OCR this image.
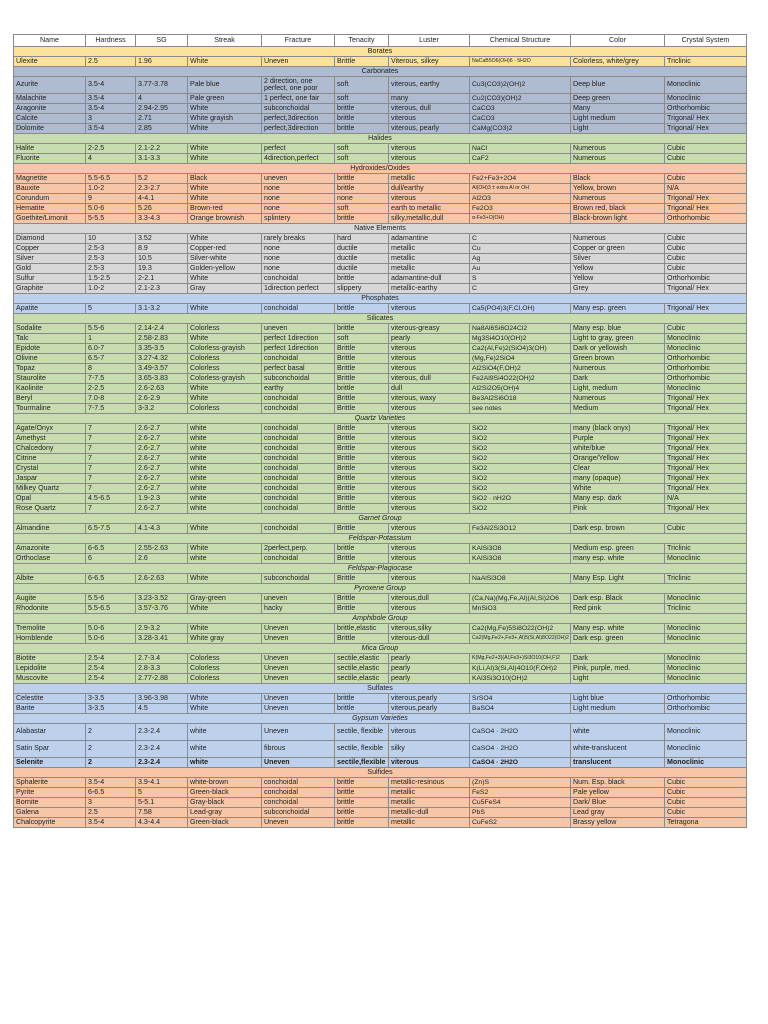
Name	Hardness	SG	Streak	Fracture	Tenacity	Luster	Chemical Structure	Color	Crystal System
Borates									
Ulexite	2.5	1.96	White	Uneven	Brittle	Viterous, silkey	NaCaB5O6(OH)6 · 5H2O	Colorless, white/grey	Triclinic
Carbonates									
Azurite	3.5-4	3.77-3.78	Pale blue	2 direction, one perfect, one poor	soft	viterous, earthy	Cu3(CO3)2(OH)2	Deep blue	Monoclinic
Malachite	3.5-4	4	Pale green	1 perfect, one fair	soft	many	Cu2(CO3)(OH)2	Deep green	Monoclinic
Aragonite	3.5-4	2.94-2.95	White	subconchoidal	brittle	viterous, dull	CaCO3	Many	Orthorhombic
Calcite	3	2.71	White grayish	perfect,3direction	brittle	viterous	CaCO3	Light medium	Trigonal/ Hex
Dolomite	3.5-4	2.85	White	perfect,3direction	brittle	viterous, pearly	CaMg(CO3)2	Light	Trigonal/ Hex
Halides									
Halite	2-2.5	2.1-2.2	White	perfect	soft	viterous	NaCl	Numerous	Cubic
Fluorite	4	3.1-3.3	White	4direction,perfect	soft	viterous	CaF2	Numerous	Cubic
Hydroxides/Oxides									
Magnetite	5.5-6.5	5.2	Black	uneven	brittle	metallic	Fe2+Fe3+2O4	Black	Cubic
Bauxite	1.0-2	2.3-2.7	White	none	brittle	dull/earthy	Al(OH)3 ± extra Al or OH	Yellow, brown	N/A
Corundum	9	4-4.1	White	none	none	viterous	Al2O3	Numerous	Trigonal/ Hex
Hematite	5.0-6	5.26	Brown-red	none	soft	earth to metallic	Fe2O3	Brown red, black	Trigonal/ Hex
Goethite/Limonit	5-5.5	3.3-4.3	Orange brownish	splintery	brittle	silky,metallic,dull	α-Fe3+O(OH)	Black-brown light	Orthorhombic
Native Elements									
Diamond	10	3.52	White	rarely breaks	hard	adamantine	C	Numerous	Cubic
Copper	2.5-3	8.9	Copper-red	none	ductile	metallic	Cu	Copper or green	Cubic
Silver	2.5-3	10.5	Silver-white	none	ductile	metallic	Ag	Silver	Cubic
Gold	2.5-3	19.3	Golden-yellow	none	ductile	metallic	Au	Yellow	Cubic
Sulfur	1.5-2.5	2-2.1	White	conchoidal	brittle	adamantine-dull	S	Yellow	Orthorhombic
Graphite	1.0-2	2.1-2.3	Gray	1direction perfect	slippery	metallic-earthy	C	Grey	Trigonal/ Hex
Phosphates									
Apatite	5	3.1-3.2	White	conchoidal	brittle	viterous	Ca5(PO4)3(F,Cl,OH)	Many esp. green	Trigonal/ Hex
Silicates									
Sodalite	5.5-6	2.14-2.4	Colorless	uneven	brittle	viterous-greasy	Na8Al6Si6O24Cl2	Many esp. blue	Cubic
Talc	1	2.58-2.83	White	perfect 1direction	soft	pearly	Mg3Si4O10(OH)2	Light to gray, green	Monoclinic
Epidote	6.0-7	3.35-3.5	Colorless-grayish	perfect 1direction	Brittle	viterous	Ca2(Al,Fe)2(SiO4)3(OH)	Dark or yellowish	Monoclinic
Olivine	6.5-7	3.27-4.32	Colorless	conchoidal	Brittle	viterous	(Mg,Fe)2SiO4	Green brown	Orthorhombic
Topaz	8	3.49-3.57	Colorless	perfect basal	Brittle	viterous	Al2SiO4(F,OH)2	Numerous	Orthorhombic
Staurolite	7-7.5	3.65-3.83	Colorless-grayish	subconchoidal	Brittle	viterous, dull	Fe2Al9Si4O22(OH)2	Dark	Orthorhombic
Kaolinite	2-2.5	2.6-2.63	White	earthy	brittle	dull	Al2Si2O5(OH)4	Light, medium	Monoclinic
Beryl	7.0-8	2.6-2.9	White	conchoidal	Brittle	viterous, waxy	Be3Al2Si6O18	Numerous	Trigonal/ Hex
Tourmaline	7-7.5	3-3.2	Colorless	conchoidal	Brittle	viterous	see notes	Medium	Trigonal/ Hex
Quartz Varieties									
Agate/Onyx	7	2.6-2.7	white	conchoidal	Brittle	viterous	SiO2	many (black onyx)	Trigonal/ Hex
Amethyst	7	2.6-2.7	white	conchoidal	Brittle	viterous	SiO2	Purple	Trigonal/ Hex
Chalcedony	7	2.6-2.7	white	conchoidal	Brittle	viterous	SiO2	white/blue	Trigonal/ Hex
Citrine	7	2.6-2.7	white	conchoidal	Brittle	viterous	SiO2	Orange/Yellow	Trigonal/ Hex
Crystal	7	2.6-2.7	white	conchoidal	Brittle	viterous	SiO2	Clear	Trigonal/ Hex
Jaspar	7	2.6-2.7	white	conchoidal	Brittle	viterous	SiO2	many (opaque)	Trigonal/ Hex
Milkey Quartz	7	2.6-2.7	white	conchoidal	Brittle	viterous	SiO2	White	Trigonal/ Hex
Opal	4.5-6.5	1.9-2.3	white	conchoidal	Brittle	viterous	SiO2 · nH2O	Many esp. dark	N/A
Rose Quartz	7	2.6-2.7	white	conchoidal	Brittle	viterous	SiO2	Pink	Trigonal/ Hex
Garnet Group									
Almandine	6.5-7.5	4.1-4.3	White	conchoidal	Brittle	viterous	Fe3Al2Si3O12	Dark esp. brown	Cubic
Feldspar-Potassium									
Amazonite	6-6.5	2.55-2.63	White	2perfect,perp.	brittle	viterous	KAlSi3O8	Medium esp. green	Triclinic
Orthoclase	6	2.6	white	conchoidal	Brittle	viterous	KAlSi3O8	many esp. white	Monoclinic
Feldspar-Plagiocase									
Albite	6-6.5	2.6-2.63	White	subconchoidal	Brittle	viterous	NaAlSi3O8	Many Esp. Light	Triclinic
Pyroxene Group									
Augite	5.5-6	3.23-3.52	Gray-green	uneven	Brittle	viterous,dull	(Ca,Na)(Mg,Fe,Al)(Al,Si)2O6	Dark esp. Black	Monoclinic
Rhodonite	5.5-6.5	3.57-3.76	White	hacky	Brittle	viterous	MnSiO3	Red pink	Triclinic
Amphibole Group									
Tremolite	5.0-6	2.9-3.2	White	Uneven	brittle,elastic	viterous,silky	Ca2(Mg,Fe)5Si8O22(OH)2	Many esp. white	Monoclinic
Hornblende	5.0-6	3.28-3.41	White gray	Uneven	Brittle	viterous-dull	Ca2(Mg,Fe2+,Fe3+,Al)5(Si,Al)8O22(OH)2	Dark esp. green	Monoclinic
Mica Group									
Biotite	2.5-4	2.7-3.4	Colorless	Uneven	sectile,elastic	pearly	K(Mg,Fe2+3)(Al,Fe3+)Si3O10(OH,F)2	Dark	Monoclinic
Lepidolite	2.5-4	2.8-3.3	Colorless	Uneven	sectile,elastic	pearly	K(Li,Al)3(Si,Al)4O10(F,OH)2	Pink, purple, med.	Monoclinic
Muscovite	2.5-4	2.77-2.88	Colorless	Uneven	sectile,elastic	pearly	KAl3Si3O10(OH)2	Light	Monoclinic
Sulfates									
Celestite	3-3.5	3.96-3.98	White	Uneven	brittle	viterous,pearly	SrSO4	Light blue	Orthorhombic
Barite	3-3.5	4.5	White	Uneven	brittle	viterous,pearly	BaSO4	Light medium	Orthorhombic
Gypsum Varieties									
Alabastar	2	2.3-2.4	white	Uneven	sectile, flexible	viterous	CaSO4 · 2H2O	white	Monoclinic
Satin Spar	2	2.3-2.4	white	fibrous	sectile, flexible	silky	CaSO4 · 2H2O	white-translucent	Monoclinic
Selenite	2	2.3-2.4	white	Uneven	sectile,flexible	viterous	CaSO4 · 2H2O	translucent	Monoclinic
Sulfides									
Sphalerite	3.5-4	3.9-4.1	white-brown	conchoidal	brittle	metallic-resinous	(Zn)S	Num. Esp. black	Cubic
Pyrite	6-6.5	5	Green-black	conchoidal	brittle	metallic	FeS2	Pale yellow	Cubic
Bornite	3	5-5.1	Gray-black	conchoidal	brittle	metallic	Cu5FeS4	Dark/ Blue	Cubic
Galena	2.5	7.58	Lead-gray	subconchoidal	brittle	metallic-dull	PbS	Lead gray	Cubic
Chalcopyrite	3.5-4	4.3-4.4	Green-black	Uneven	brittle	metallic	CuFeS2	Brassy yellow	Tetragona
